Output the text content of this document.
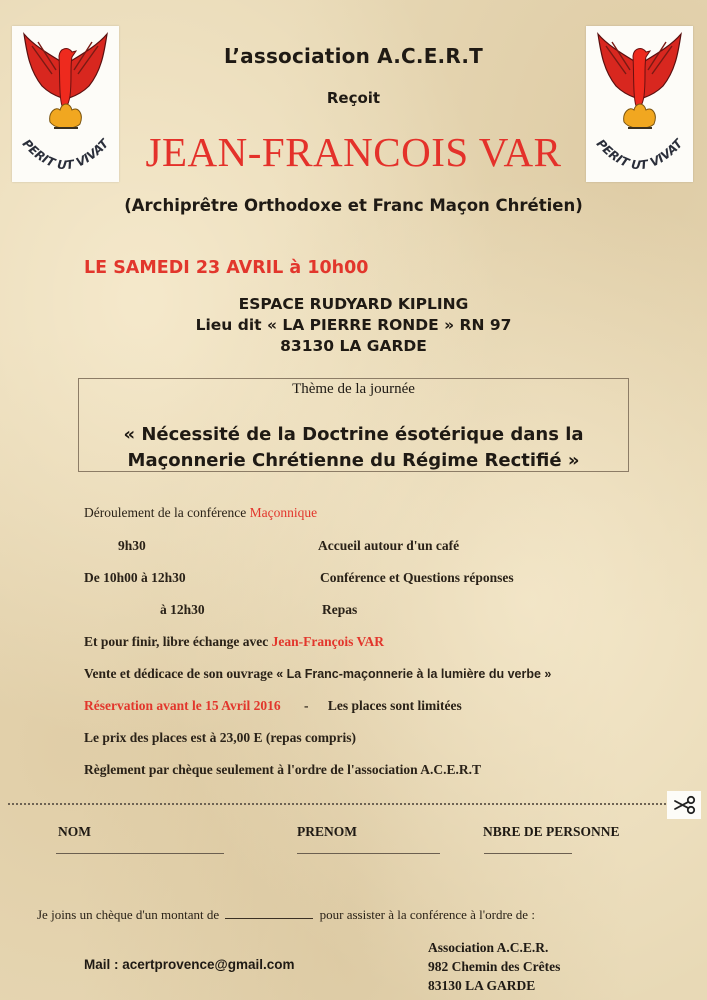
PERIT UT VIVAT	PERIT UT VIVAT
L’association A.C.E.R.T
Reçoit
JEAN-FRANCOIS VAR
(Archiprêtre Orthodoxe et Franc Maçon Chrétien)
LE SAMEDI 23 AVRIL à 10h00
ESPACE RUDYARD KIPLING
Lieu dit « LA PIERRE RONDE » RN 97
83130 LA GARDE
Thème de la journée
« Nécessité de la Doctrine ésotérique dans la
Maçonnerie Chrétienne du Régime Rectifié »
Déroulement de la conférence Maçonnique
9h30	Accueil autour d'un café
De 10h00 à 12h30	Conférence et Questions réponses
à 12h30	Repas
Et pour finir, libre échange avec Jean-François VAR
Vente et dédicace de son ouvrage « La Franc-maçonnerie à la lumière du verbe »
Réservation avant le 15 Avril 2016 - Les places sont limitées
Le prix des places est à 23,00 E (repas compris)
Règlement par chèque seulement à l'ordre de l'association A.C.E.R.T
NOM	PRENOM	NBRE DE PERSONNE
Je joins un chèque d'un montant de	pour assister à la conférence à l'ordre de :
Mail : acertprovence@gmail.com
Association A.C.E.R.
982 Chemin des Crêtes
83130 LA GARDE
